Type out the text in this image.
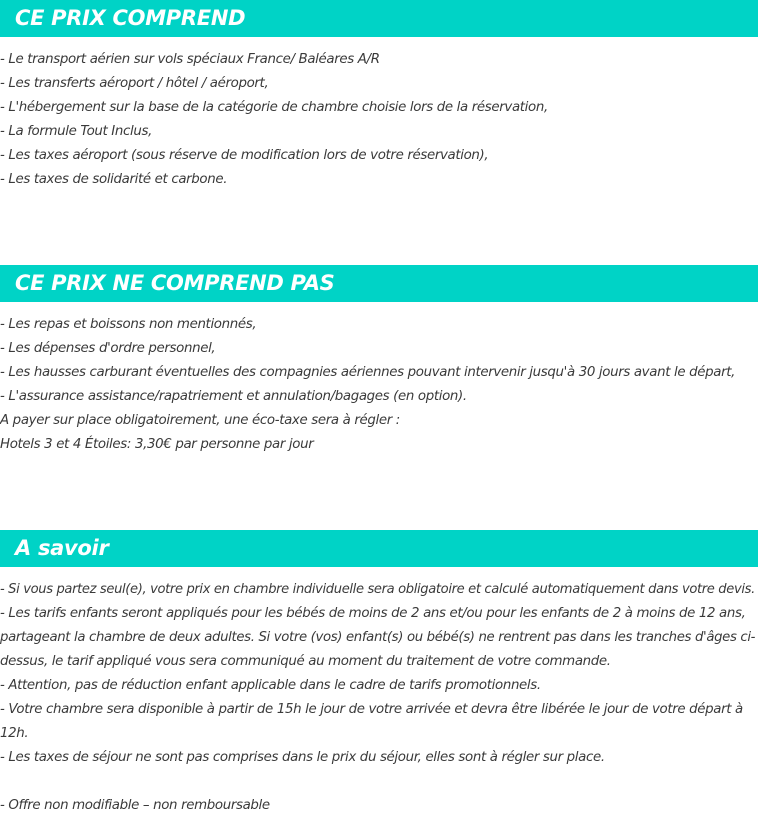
CE PRIX COMPREND
- Le transport aérien sur vols spéciaux France/ Baléares A/R
- Les transferts aéroport / hôtel / aéroport,
- L'hébergement sur la base de la catégorie de chambre choisie lors de la réservation,
- La formule Tout Inclus,
- Les taxes aéroport (sous réserve de modification lors de votre réservation),
- Les taxes de solidarité et carbone.
CE PRIX NE COMPREND PAS
- Les repas et boissons non mentionnés,
- Les dépenses d'ordre personnel,
- Les hausses carburant éventuelles des compagnies aériennes pouvant intervenir jusqu'à 30 jours avant le départ,
- L'assurance assistance/rapatriement et annulation/bagages (en option).
A payer sur place obligatoirement, une éco-taxe sera à régler :
Hotels 3 et 4 Étoiles: 3,30€ par personne par jour
A savoir
- Si vous partez seul(e), votre prix en chambre individuelle sera obligatoire et calculé automatiquement dans votre devis.
- Les tarifs enfants seront appliqués pour les bébés de moins de 2 ans et/ou pour les enfants de 2 à moins de 12 ans,
partageant la chambre de deux adultes. Si votre (vos) enfant(s) ou bébé(s) ne rentrent pas dans les tranches d'âges ci-
dessus, le tarif appliqué vous sera communiqué au moment du traitement de votre commande.
- Attention, pas de réduction enfant applicable dans le cadre de tarifs promotionnels.
- Votre chambre sera disponible à partir de 15h le jour de votre arrivée et devra être libérée le jour de votre départ à
12h.
- Les taxes de séjour ne sont pas comprises dans le prix du séjour, elles sont à régler sur place.
- Offre non modifiable – non remboursable
